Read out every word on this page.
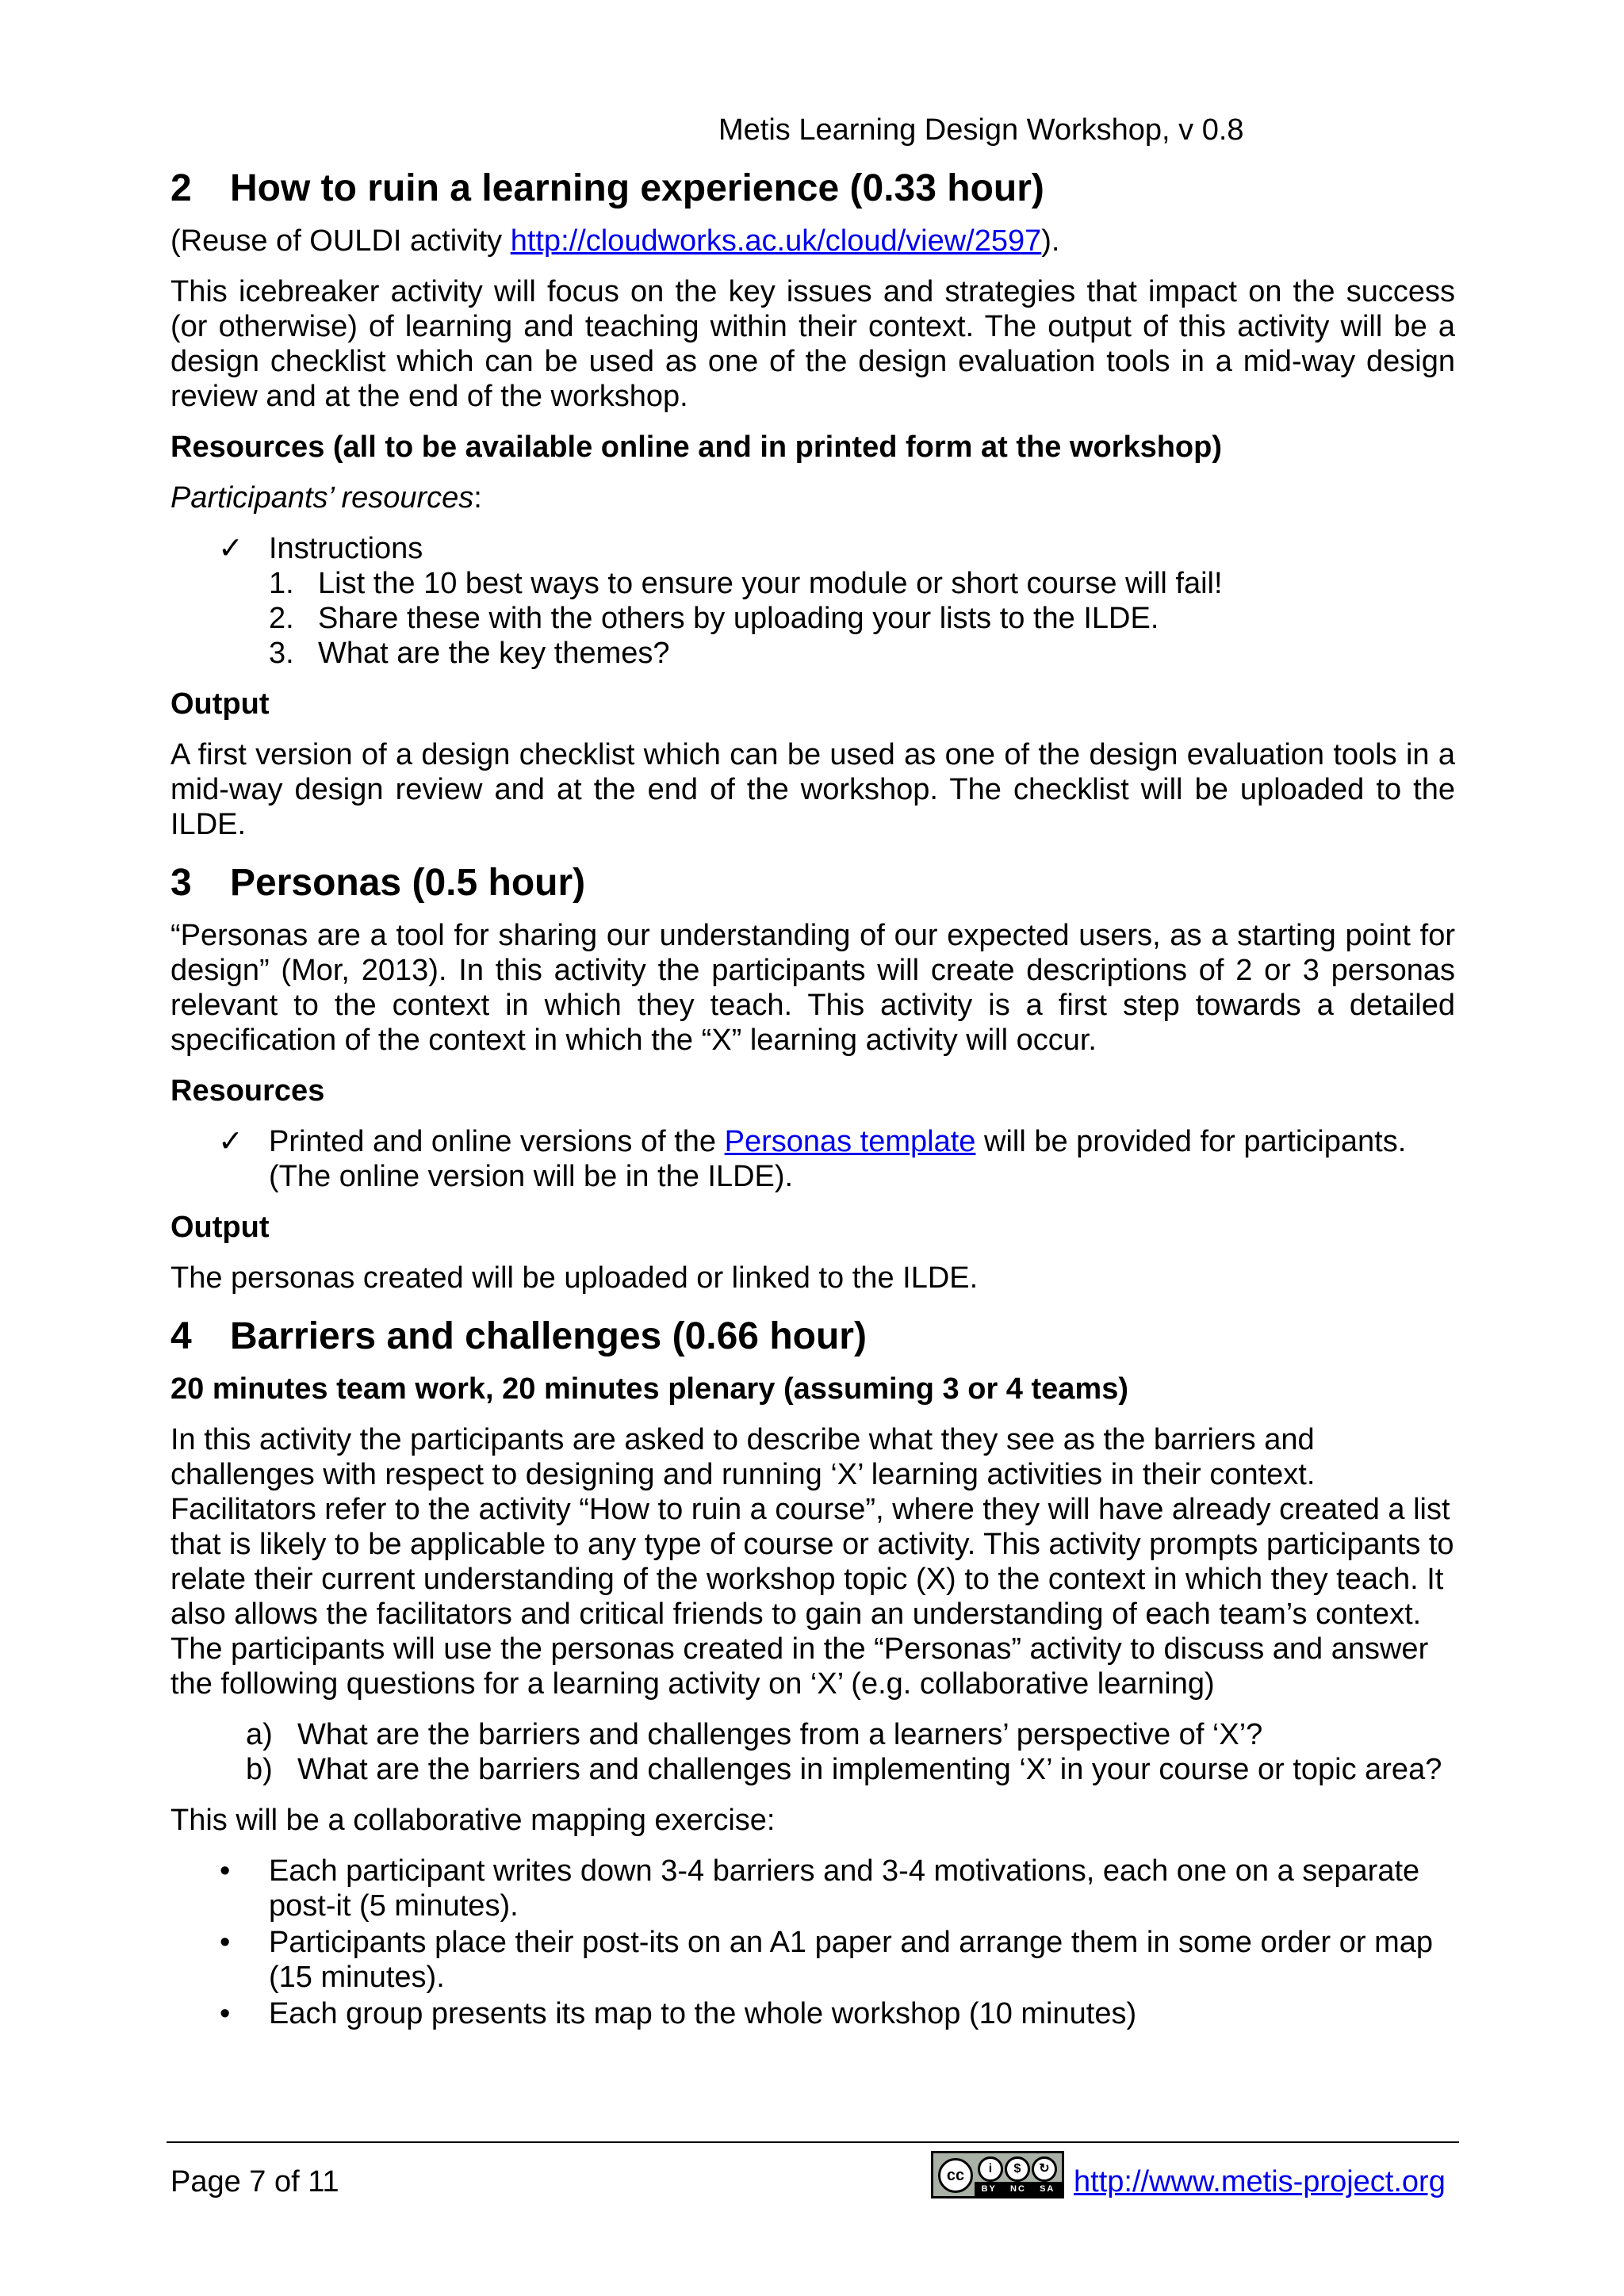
Metis Learning Design Workshop, v 0.8
2 How to ruin a learning experience (0.33 hour)

(Reuse of OULDI activity http://cloudworks.ac.uk/cloud/view/2597).

This icebreaker activity will focus on the key issues and strategies that impact on the success (or otherwise) of learning and teaching within their context. The output of this activity will be a design checklist which can be used as one of the design evaluation tools in a mid-way design review and at the end of the workshop.

Resources (all to be available online and in printed form at the workshop)

Participants’ resources:

✓ Instructions
1. List the 10 best ways to ensure your module or short course will fail!
2. Share these with the others by uploading your lists to the ILDE.
3. What are the key themes?

Output

A first version of a design checklist which can be used as one of the design evaluation tools in a mid-way design review and at the end of the workshop. The checklist will be uploaded to the ILDE.

3 Personas (0.5 hour)

“Personas are a tool for sharing our understanding of our expected users, as a starting point for design” (Mor, 2013). In this activity the participants will create descriptions of 2 or 3 personas relevant to the context in which they teach. This activity is a first step towards a detailed specification of the context in which the “X” learning activity will occur.

Resources

✓ Printed and online versions of the Personas template will be provided for participants. (The online version will be in the ILDE).

Output

The personas created will be uploaded or linked to the ILDE.

4 Barriers and challenges (0.66 hour)

20 minutes team work, 20 minutes plenary (assuming 3 or 4 teams)

In this activity the participants are asked to describe what they see as the barriers and challenges with respect to designing and running ‘X’ learning activities in their context. Facilitators refer to the activity “How to ruin a course”, where they will have already created a list that is likely to be applicable to any type of course or activity. This activity prompts participants to relate their current understanding of the workshop topic (X) to the context in which they teach. It also allows the facilitators and critical friends to gain an understanding of each team’s context. The participants will use the personas created in the “Personas” activity to discuss and answer the following questions for a learning activity on ‘X’ (e.g. collaborative learning)

a) What are the barriers and challenges from a learners’ perspective of ‘X’?
b) What are the barriers and challenges in implementing ‘X’ in your course or topic area?

This will be a collaborative mapping exercise:

• Each participant writes down 3-4 barriers and 3-4 motivations, each one on a separate post-it (5 minutes).
• Participants place their post-its on an A1 paper and arrange them in some order or map (15 minutes).
• Each group presents its map to the whole workshop (10 minutes)
Page 7 of 11	cc	i	$	↻
BY NC SA http://www.metis-project.org
